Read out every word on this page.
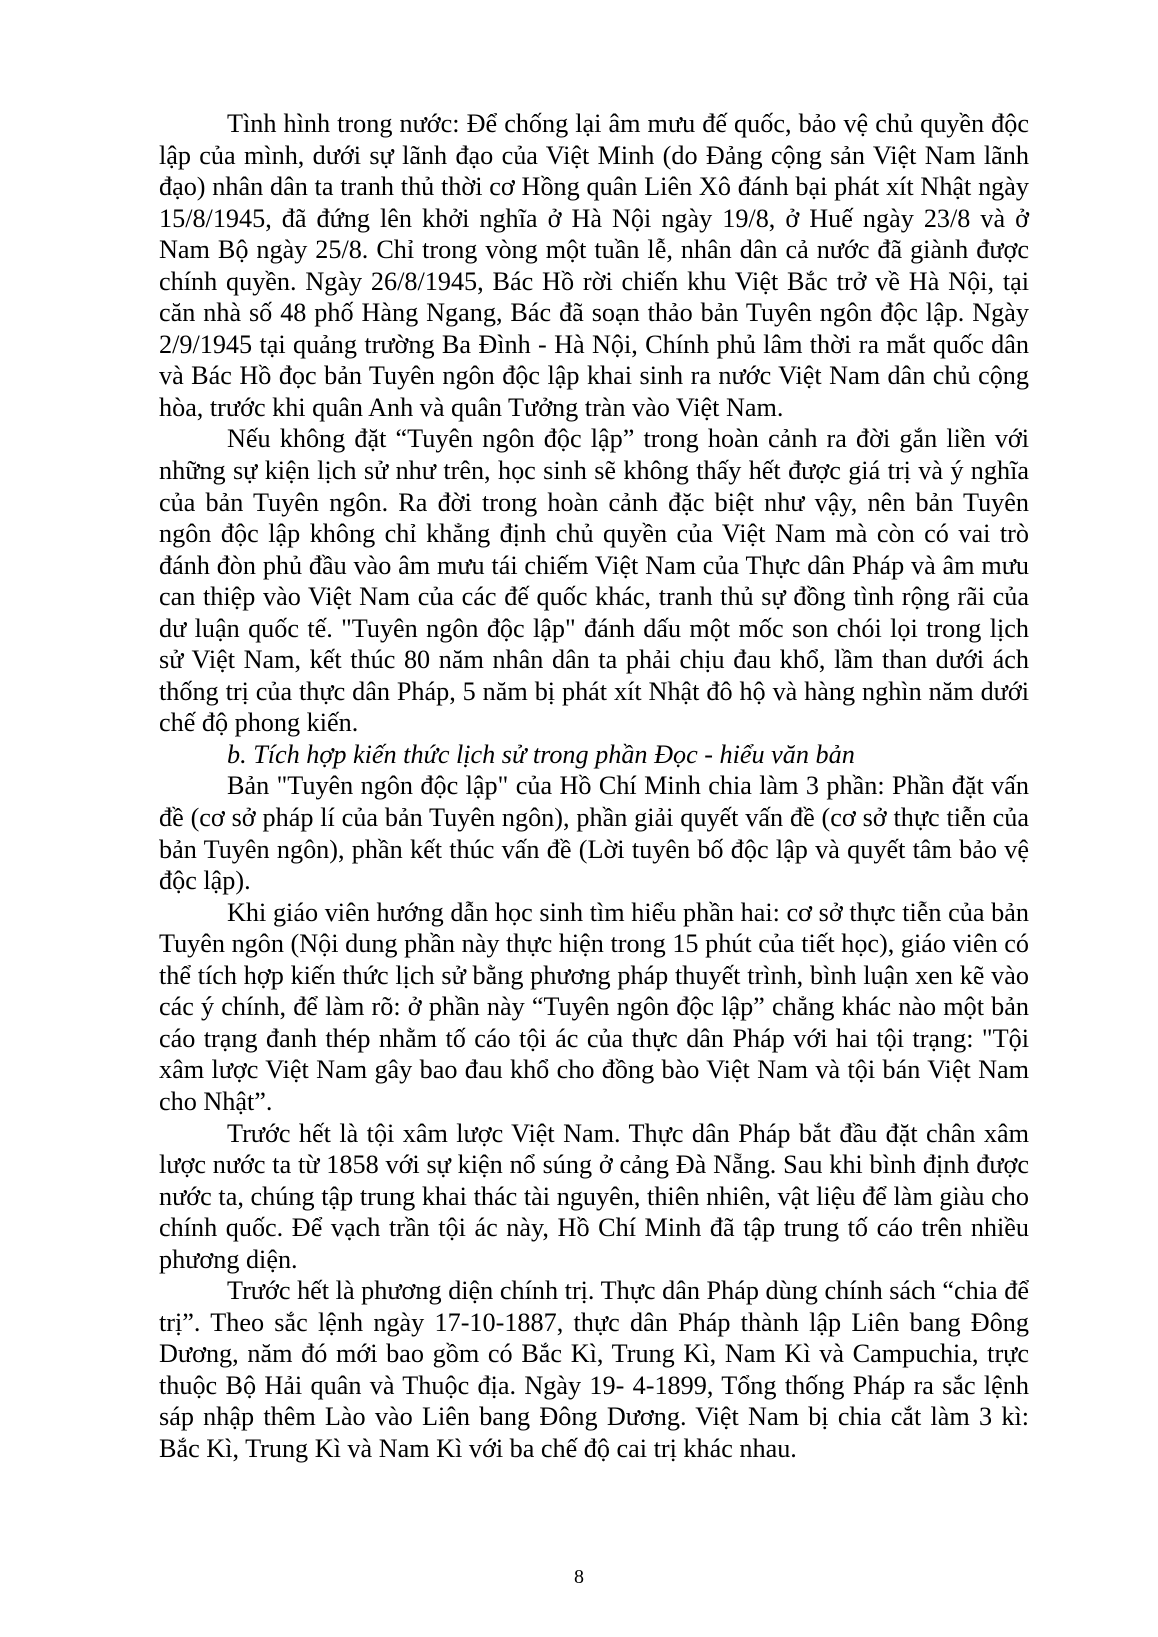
Tình hình trong nước: Để chống lại âm mưu đế quốc, bảo vệ chủ quyền độc lập của mình, dưới sự lãnh đạo của Việt Minh (do Đảng cộng sản Việt Nam lãnh đạo) nhân dân ta tranh thủ thời cơ Hồng quân Liên Xô đánh bại phát xít Nhật ngày 15/8/1945, đã đứng lên khởi nghĩa ở Hà Nội ngày 19/8, ở Huế ngày 23/8 và ở Nam Bộ ngày 25/8. Chỉ trong vòng một tuần lễ, nhân dân cả nước đã giành được chính quyền. Ngày 26/8/1945, Bác Hồ rời chiến khu Việt Bắc trở về Hà Nội, tại căn nhà số 48 phố Hàng Ngang, Bác đã soạn thảo bản Tuyên ngôn độc lập. Ngày 2/9/1945 tại quảng trường Ba Đình - Hà Nội, Chính phủ lâm thời ra mắt quốc dân và Bác Hồ đọc bản Tuyên ngôn độc lập khai sinh ra nước Việt Nam dân chủ cộng hòa, trước khi quân Anh và quân Tưởng tràn vào Việt Nam.

Nếu không đặt “Tuyên ngôn độc lập” trong hoàn cảnh ra đời gắn liền với những sự kiện lịch sử như trên, học sinh sẽ không thấy hết được giá trị và ý nghĩa của bản Tuyên ngôn. Ra đời trong hoàn cảnh đặc biệt như vậy, nên bản Tuyên ngôn độc lập không chỉ khẳng định chủ quyền của Việt Nam mà còn có vai trò đánh đòn phủ đầu vào âm mưu tái chiếm Việt Nam của Thực dân Pháp và âm mưu can thiệp vào Việt Nam của các đế quốc khác, tranh thủ sự đồng tình rộng rãi của dư luận quốc tế. "Tuyên ngôn độc lập" đánh dấu một mốc son chói lọi trong lịch sử Việt Nam, kết thúc 80 năm nhân dân ta phải chịu đau khổ, lầm than dưới ách thống trị của thực dân Pháp, 5 năm bị phát xít Nhật đô hộ và hàng nghìn năm dưới chế độ phong kiến.

b. Tích hợp kiến thức lịch sử trong phần Đọc - hiểu văn bản

Bản "Tuyên ngôn độc lập" của Hồ Chí Minh chia làm 3 phần: Phần đặt vấn đề (cơ sở pháp lí của bản Tuyên ngôn), phần giải quyết vấn đề (cơ sở thực tiễn của bản Tuyên ngôn), phần kết thúc vấn đề (Lời tuyên bố độc lập và quyết tâm bảo vệ độc lập).

Khi giáo viên hướng dẫn học sinh tìm hiểu phần hai: cơ sở thực tiễn của bản Tuyên ngôn (Nội dung phần này thực hiện trong 15 phút của tiết học), giáo viên có thể tích hợp kiến thức lịch sử bằng phương pháp thuyết trình, bình luận xen kẽ vào các ý chính, để làm rõ: ở phần này “Tuyên ngôn độc lập” chẳng khác nào một bản cáo trạng đanh thép nhằm tố cáo tội ác của thực dân Pháp với hai tội trạng: "Tội xâm lược Việt Nam gây bao đau khổ cho đồng bào Việt Nam và tội bán Việt Nam cho Nhật”.

Trước hết là tội xâm lược Việt Nam. Thực dân Pháp bắt đầu đặt chân xâm lược nước ta từ 1858 với sự kiện nổ súng ở cảng Đà Nẵng. Sau khi bình định được nước ta, chúng tập trung khai thác tài nguyên, thiên nhiên, vật liệu để làm giàu cho chính quốc. Để vạch trần tội ác này, Hồ Chí Minh đã tập trung tố cáo trên nhiều phương diện.

Trước hết là phương diện chính trị. Thực dân Pháp dùng chính sách “chia để trị”. Theo sắc lệnh ngày 17-10-1887, thực dân Pháp thành lập Liên bang Đông Dương, năm đó mới bao gồm có Bắc Kì, Trung Kì, Nam Kì và Campuchia, trực thuộc Bộ Hải quân và Thuộc địa. Ngày 19- 4-1899, Tổng thống Pháp ra sắc lệnh sáp nhập thêm Lào vào Liên bang Đông Dương. Việt Nam bị chia cắt làm 3 kì: Bắc Kì, Trung Kì và Nam Kì với ba chế độ cai trị khác nhau.

8
